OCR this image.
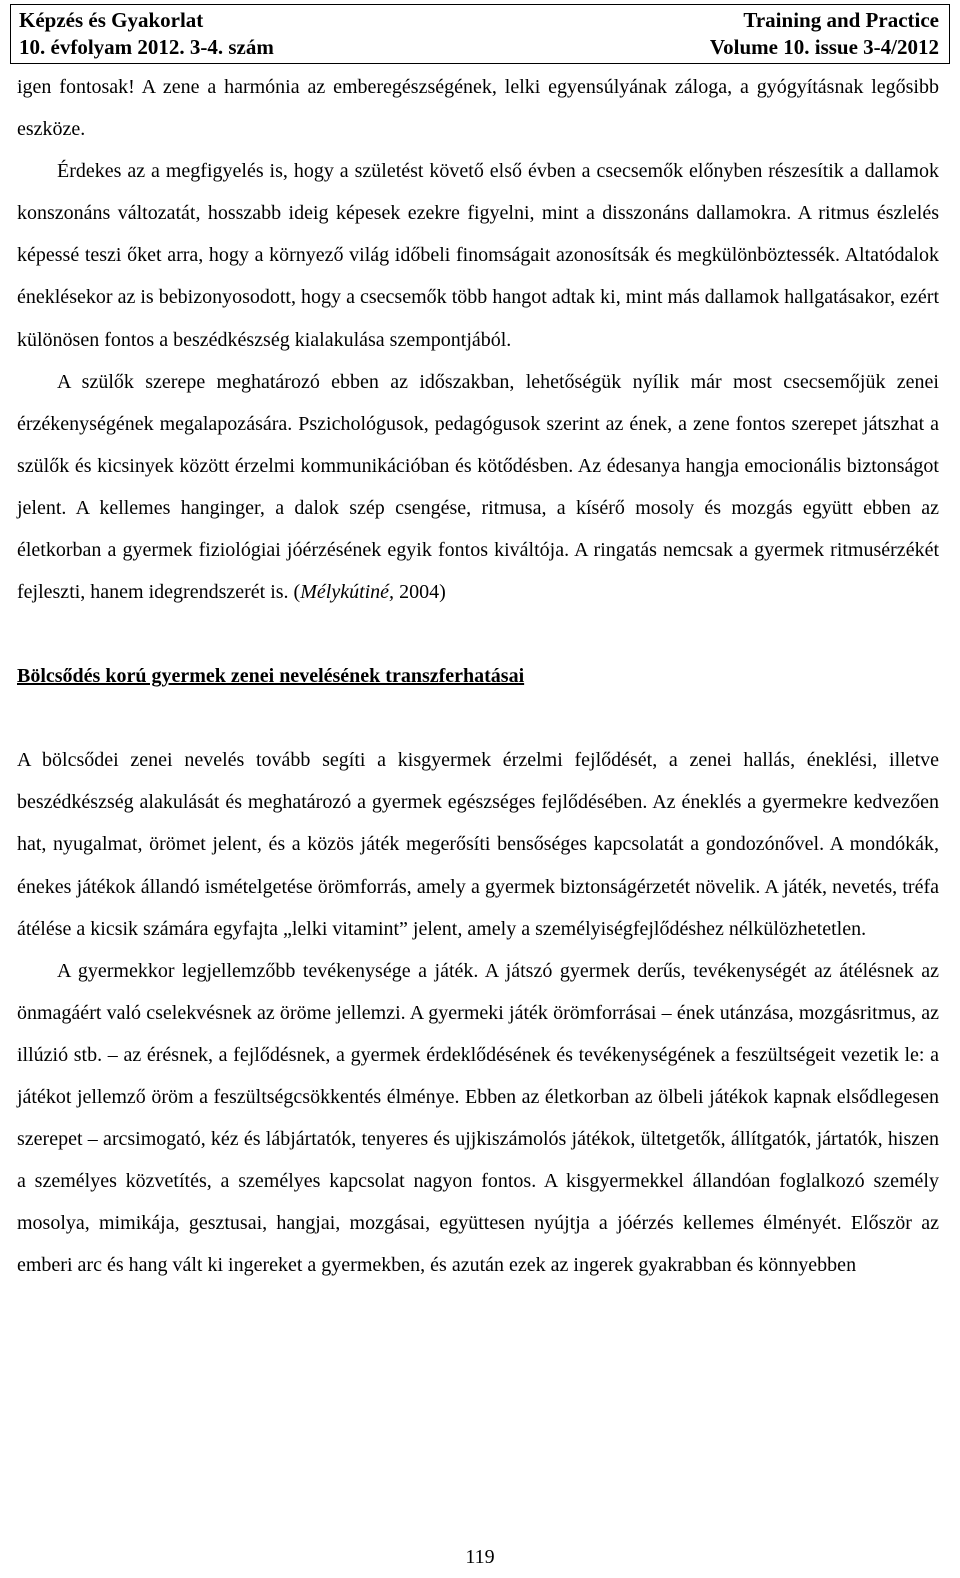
Képzés és Gyakorlat	Training and Practice
10. évfolyam 2012. 3-4. szám	Volume 10. issue 3-4/2012

igen fontosak! A zene a harmónia az emberegészségének, lelki egyensúlyának záloga, a gyógyításnak legősibb eszköze.

Érdekes az a megfigyelés is, hogy a születést követő első évben a csecsemők előnyben részesítik a dallamok konszonáns változatát, hosszabb ideig képesek ezekre figyelni, mint a disszonáns dallamokra. A ritmus észlelés képessé teszi őket arra, hogy a környező világ időbeli finomságait azonosítsák és megkülönböztessék. Altatódalok éneklésekor az is bebizonyosodott, hogy a csecsemők több hangot adtak ki, mint más dallamok hallgatásakor, ezért különösen fontos a beszédkészség kialakulása szempontjából.

A szülők szerepe meghatározó ebben az időszakban, lehetőségük nyílik már most csecsemőjük zenei érzékenységének megalapozására. Pszichológusok, pedagógusok szerint az ének, a zene fontos szerepet játszhat a szülők és kicsinyek között érzelmi kommunikációban és kötődésben. Az édesanya hangja emocionális biztonságot jelent. A kellemes hanginger, a dalok szép csengése, ritmusa, a kísérő mosoly és mozgás együtt ebben az életkorban a gyermek fiziológiai jóérzésének egyik fontos kiváltója. A ringatás nemcsak a gyermek ritmusérzékét fejleszti, hanem idegrendszerét is. (Mélykútiné, 2004)

Bölcsődés korú gyermek zenei nevelésének transzferhatásai

A bölcsődei zenei nevelés tovább segíti a kisgyermek érzelmi fejlődését, a zenei hallás, éneklési, illetve beszédkészség alakulását és meghatározó a gyermek egészséges fejlődésében. Az éneklés a gyermekre kedvezően hat, nyugalmat, örömet jelent, és a közös játék megerősíti bensőséges kapcsolatát a gondozónővel. A mondókák, énekes játékok állandó ismételgetése örömforrás, amely a gyermek biztonságérzetét növelik. A játék, nevetés, tréfa átélése a kicsik számára egyfajta „lelki vitamint” jelent, amely a személyiségfejlődéshez nélkülözhetetlen.

A gyermekkor legjellemzőbb tevékenysége a játék. A játszó gyermek derűs, tevékenységét az átélésnek az önmagáért való cselekvésnek az öröme jellemzi. A gyermeki játék örömforrásai – ének utánzása, mozgásritmus, az illúzió stb. – az érésnek, a fejlődésnek, a gyermek érdeklődésének és tevékenységének a feszültségeit vezetik le: a játékot jellemző öröm a feszültségcsökkentés élménye. Ebben az életkorban az ölbeli játékok kapnak elsődlegesen szerepet – arcsimogató, kéz és lábjártatók, tenyeres és ujjkiszámolós játékok, ültetgetők, állítgatók, jártatók, hiszen a személyes közvetítés, a személyes kapcsolat nagyon fontos. A kisgyermekkel állandóan foglalkozó személy mosolya, mimikája, gesztusai, hangjai, mozgásai, együttesen nyújtja a jóérzés kellemes élményét. Először az emberi arc és hang vált ki ingereket a gyermekben, és azután ezek az ingerek gyakrabban és könnyebben

119
